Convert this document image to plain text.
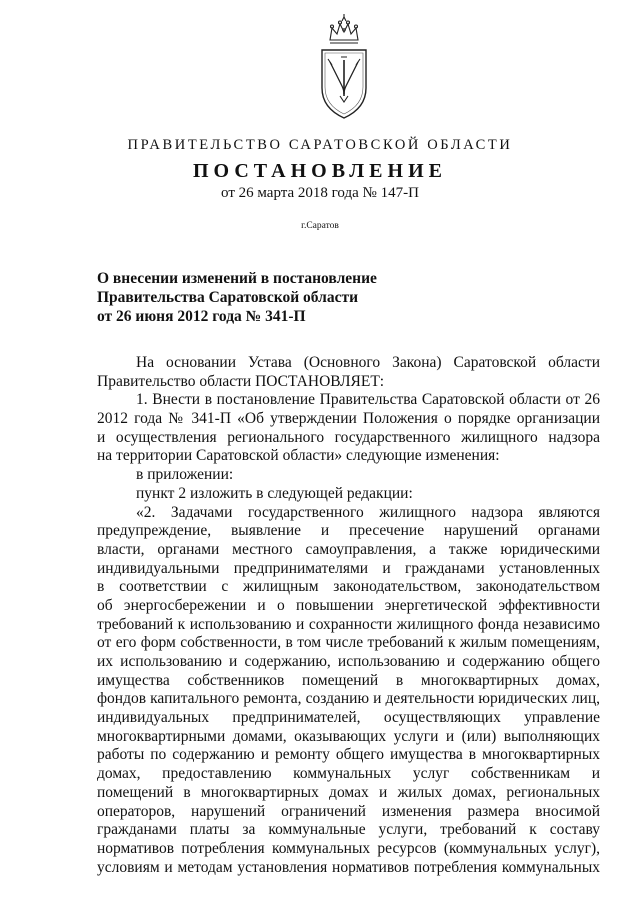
ПРАВИТЕЛЬСТВО САРАТОВСКОЙ ОБЛАСТИ
ПОСТАНОВЛЕНИЕ
от 26 марта 2018 года № 147-П
г.Саратов
О внесении изменений в постановление
Правительства Саратовской области
от 26 июня 2012 года № 341-П
На основании Устава (Основного Закона) Саратовской области
Правительство области ПОСТАНОВЛЯЕТ:
1. Внести в постановление Правительства Саратовской области от 26
2012 года № 341-П «Об утверждении Положения о порядке организации
и осуществления регионального государственного жилищного надзора
на территории Саратовской области» следующие изменения:
в приложении:
пункт 2 изложить в следующей редакции:
«2. Задачами государственного жилищного надзора являются
предупреждение, выявление и пресечение нарушений органами
власти, органами местного самоуправления, а также юридическими
индивидуальными предпринимателями и гражданами установленных
в соответствии с жилищным законодательством, законодательством
об энергосбережении и о повышении энергетической эффективности
требований к использованию и сохранности жилищного фонда независимо
от его форм собственности, в том числе требований к жилым помещениям,
их использованию и содержанию, использованию и содержанию общего
имущества собственников помещений в многоквартирных домах,
фондов капитального ремонта, созданию и деятельности юридических лиц,
индивидуальных предпринимателей, осуществляющих управление
многоквартирными домами, оказывающих услуги и (или) выполняющих
работы по содержанию и ремонту общего имущества в многоквартирных
домах, предоставлению коммунальных услуг собственникам и
помещений в многоквартирных домах и жилых домах, региональных
операторов, нарушений ограничений изменения размера вносимой
гражданами платы за коммунальные услуги, требований к составу
нормативов потребления коммунальных ресурсов (коммунальных услуг),
условиям и методам установления нормативов потребления коммунальных
